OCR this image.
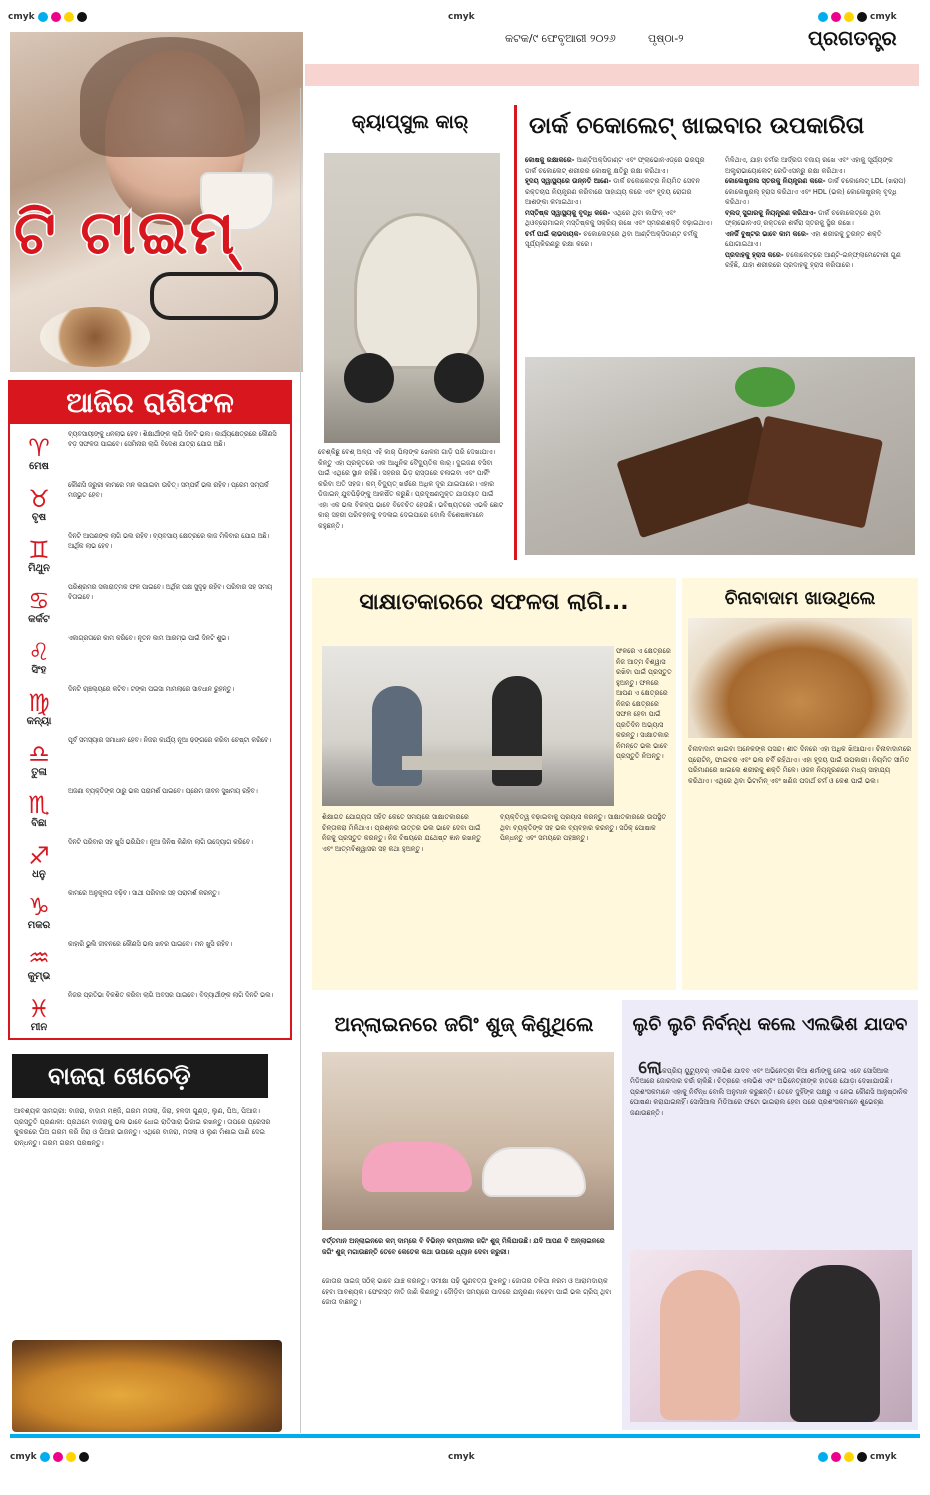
cmyk	cmyk	cmyk
କଟକ/୯ ଫେବୃଆରୀ ୨୦୨୬	ପୃଷ୍ଠା-୨	ପ୍ରଗତନ୍ତ୍ର
ଟି ଟାଇମ୍
ଆଜିର ରାଶିଫଳ
♈
ମେଷ
ବ୍ୟବସାୟୀଙ୍କୁ ଧନଲାଭ ହେବ। ଶିକ୍ଷାର୍ଥୀଙ୍କ ଲାଗି ଦିନଟି ଭଲ। କାର୍ଯ୍ୟକ୍ଷେତ୍ରରେ କୌଣସି ବଡ଼ ସଫଳତା ପାଇବେ। ସେମିନାର ଲାଗି ବିଦେଶ ଯାତ୍ରା ଯୋଗ ଅଛି।
♉
ବୃଷ
କୌଣସି ଜରୁରୀ କାମରେ ମନ ଲଗାଇବା ଉଚିତ୍। ସମ୍ପର୍କ ଭଲ ରହିବ। ପ୍ରେମ ସମ୍ପର୍କ ମଜଭୁତ ହେବ।
♊
ମିଥୁନ
ଦିନଟି ଆପଣଙ୍କ ଲାଗି ଭଲ ରହିବ। ବ୍ୟବସାୟ କ୍ଷେତ୍ରରେ କାଜ ମିଳିବାର ଯୋଗ ଅଛି। ଆର୍ଥିକ ଲାଭ ହେବ।
♋
କର୍କଟ
ପରିଶ୍ରମର ସକାରାତ୍ମକ ଫଳ ପାଇବେ। ଅର୍ଥିକ ପକ୍ଷ ସୁଦୃଢ଼ ରହିବ। ପରିବାର ସହ ସମୟ ବିତାଇବେ।
♌
ସିଂହ
ଏକାଗ୍ରତାରେ କାମ କରିବେ। ନୂତନ କାମ ଆରମ୍ଭ ପାଇଁ ଦିନଟି ଶୁଭ।
♍
କନ୍ୟା
ଦିନଟି ଚାଞ୍ଚଲ୍ୟରେ କଟିବ। ଟଙ୍କା ପଇସା ମାମଲାରେ ସାବଧାନ ରୁହନ୍ତୁ।
♎
ତୁଳା
ପୂର୍ବ ସମସ୍ୟାର ସମାଧାନ ହେବ। ନିଜର କାର୍ଯ୍ୟ ନୂଆ ଢଙ୍ଗରେ କରିବା ଚେଷ୍ଟା କରିବେ।
♏
ବିଛା
ଅଜଣା ବ୍ୟକ୍ତିଙ୍କ ଠାରୁ ଭଲ ପରାମର୍ଶ ପାଇବେ। ପ୍ରେମ ଜୀବନ ସୁଖମୟ ରହିବ।
♐
ଧନୁ
ଦିନଟି ପରିବାର ସହ ଖୁସି ଭରିଯିବ। ନୂଆ ଜିନିଷ କିଣିବା ଲାଗି ଉଦ୍ୟୋଗ କରିବେ।
♑
ମକର
କାମରେ ଅନୁକୂଳତା ବଢ଼ିବ। ସାଥୀ ପରିବାର ସହ ପରାମର୍ଶ କରନ୍ତୁ।
♒
କୁମ୍ଭ
କାହାରି ଭୁଲି ଜୀବନରେ କୌଣସି ଭଲ ଖବର ପାଇବେ। ମନ ଖୁସି ରହିବ।
♓
ମୀନ
ନିଜର ପ୍ରତିଭା ବିକଶିତ କରିବା ଲାଗି ଅବସର ପାଇବେ। ବିଦ୍ୟାର୍ଥୀଙ୍କ ଲାଗି ଦିନଟି ଭଲ।
ବାଜରା ଖେଚେଡ଼ି
ଆବଶ୍ୟକ ସାମଗ୍ରୀ: ବାଜରା, ବାଦାମ ମଞ୍ଜି, ଗରମ ମସଲା, ଜିରା, ହଳଦୀ ଗୁଣ୍ଡ, ଲୁଣ, ଘିଅ, ପିଆଜ।
ପ୍ରସ୍ତୁତି ପ୍ରଣାଳୀ: ପ୍ରଥମେ ବାଜରାକୁ ଭଲ ଭାବେ ଧୋଇ ରାତିସାରା ଭିଜାଇ ରଖନ୍ତୁ। ତାପରେ ପ୍ରେସର କୁକରରେ ଘିଅ ଗରମ କରି ଜିରା ଓ ପିଆଜ ଭାଜନ୍ତୁ। ଏଥିରେ ବାଜରା, ମସଲା ଓ ଲୁଣ ମିଶାଇ ପାଣି ଦେଇ ରାନ୍ଧନ୍ତୁ। ଗରମ ଗରମ ପରଷନ୍ତୁ।
କ୍ୟାପ୍‌ସୁଲ କାର୍
ବେଶ୍‌କିଛୁ ବେଶ୍ ଅଳ୍ପ ଏହି କାର୍ ପିଲାଙ୍କ ଖେଳନା ଗାଡ଼ି ପରି ଦେଖାଯାଏ। କିନ୍ତୁ ଏହା ପ୍ରକୃତରେ ଏକ ଆଧୁନିକ ବୈଦ୍ୟୁତିକ କାର୍। ଦୁଇଜଣ ବସିବା ପାଇଁ ଏଥିରେ ସ୍ଥାନ ରହିଛି। ସହରର ଭିଡ଼ ରାସ୍ତାରେ ଚଳାଇବା ଏବଂ ପାର୍କିଂ କରିବା ଅତି ସହଜ। କମ୍ ବିଦ୍ୟୁତ୍ ଖର୍ଚ୍ଚରେ ଅଧିକ ଦୂର ଯାଇପାରେ। ଏହାର ଡିଜାଇନ୍ ଯୁବପିଢ଼ିଙ୍କୁ ଆକର୍ଷିତ କରୁଛି। ପ୍ରଦୂଷଣମୁକ୍ତ ଯାତାୟାତ ପାଇଁ ଏହା ଏକ ଭଲ ବିକଳ୍ପ ଭାବେ ବିବେଚିତ ହେଉଛି। ଭବିଷ୍ୟତରେ ଏଭଳି ଛୋଟ କାର୍ ସହରୀ ପରିବହନକୁ ବଦଳାଇ ଦେଇପାରେ ବୋଲି ବିଶେଷଜ୍ଞମାନେ କହୁଛନ୍ତି।
ଡାର୍କ ଚକୋଲେଟ୍ ଖାଇବାର ଉପକାରିତା
କୋଷକୁ ରକ୍ଷାକରେ- ଆଣ୍ଟିଅକ୍ସିଡାଣ୍ଟ ଏବଂ ଫ୍ଲାଭୋନଏଡ୍‌ରେ ଭରପୂର ଡାର୍କ ଚକୋଲେଟ୍ ଶରୀରର କୋଷକୁ କ୍ଷତିରୁ ରକ୍ଷା କରିଥାଏ।
ହୃଦୟ ସ୍ୱାସ୍ଥ୍ୟରେ ଉନ୍ନତି ଆଣେ- ଡାର୍କ ଚକୋଲେଟ୍‌ର ନିୟମିତ ସେବନ ରକ୍ତଚାପ ନିୟନ୍ତ୍ରଣ କରିବାରେ ସାହାଯ୍ୟ କରେ ଏବଂ ହୃଦୟ ରୋଗର ଆଶଙ୍କା କମାଇଥାଏ।
ମସ୍ତିଷ୍କ ସ୍ୱାସ୍ଥ୍ୟକୁ ବୃଦ୍ଧି କରେ- ଏଥିରେ ଥିବା କାଫିନ୍ ଏବଂ ଥିଓବ୍ରୋମାଇନ୍ ମସ୍ତିଷ୍କକୁ ସକ୍ରିୟ ରଖେ ଏବଂ ସ୍ମରଣଶକ୍ତି ବଢ଼ାଇଥାଏ।
ଚର୍ମ ପାଇଁ ଲାଭଦାୟକ- ଚକୋଲେଟ୍‌ରେ ଥିବା ଆଣ୍ଟିଅକ୍ସିଡାଣ୍ଟ ଚର୍ମକୁ ସୂର୍ଯ୍ୟକିରଣରୁ ରକ୍ଷା କରେ।
ମିଳିଥାଏ, ଯାହା ଚର୍ମର ଆର୍ଦ୍ରତା ବଜାୟ ରଖେ ଏବଂ ଏହାକୁ ସୂର୍ଯ୍ୟଙ୍କ ଅଲ୍ଟ୍ରାଭାୟୋଲେଟ୍ ରେଡିଏସନ୍‌ରୁ ରକ୍ଷା କରିଥାଏ।
କୋଲେଷ୍ଟ୍ରଲ ସ୍ତରକୁ ନିୟନ୍ତ୍ରଣ କରେ- ଡାର୍କ ଚକୋଲେଟ୍ LDL (ଖରାପ) କୋଲେଷ୍ଟ୍ରଲ୍ ହ୍ରାସ କରିଥାଏ ଏବଂ HDL (ଭଲ) କୋଲେଷ୍ଟ୍ରଲ୍ ବୃଦ୍ଧି କରିଥାଏ।
ବ୍ଲଡ୍ ସୁଗାରକୁ ନିୟନ୍ତ୍ରଣ କରିଥାଏ- ଡାର୍କ ଚକୋଲେଟ୍‌ରେ ଥିବା ଫ୍ଲାଭୋନଏଡ୍ ରକ୍ତରେ ଶର୍କରା ସ୍ତରକୁ ସ୍ଥିର ରଖେ।
ଏନର୍ଜି ବୁଷ୍ଟର ଭାବେ କାମ କରେ- ଏହା ଶରୀରକୁ ତୁରନ୍ତ ଶକ୍ତି ଯୋଗାଇଥାଏ।
ପ୍ରଦାହକୁ ହ୍ରାସ କରେ- ଚକୋଲେଟ୍‌ରେ ଆଣ୍ଟି-ଇନ୍‌ଫ୍ଲାମେଟୋରୀ ଗୁଣ ରହିଛି, ଯାହା ଶରୀରରେ ପ୍ରଦାହକୁ ହ୍ରାସ କରିପାରେ।
ସାକ୍ଷାତକାରରେ ସଫଳତା ଲାଗି...
ଫଳରେ ଏ କ୍ଷେତ୍ରରେ ନିଜ ଆତ୍ମ ବିଶ୍ୱାସ ରଖିବା ପାଇଁ ପ୍ରସ୍ତୁତ ହୁଅନ୍ତୁ। ଫଳରେ ଆପଣ ଏ କ୍ଷେତ୍ରରେ ନିଜର କ୍ଷେତ୍ରରେ ସଫଳ ହେବା ପାଇଁ ପ୍ରତିଦିନ ଅଭ୍ୟାସ କରନ୍ତୁ। ସାକ୍ଷାତକାର ନିମନ୍ତେ ଭଲ ଭାବେ ପ୍ରସ୍ତୁତି ନିଅନ୍ତୁ।
ଶିକ୍ଷାଗତ ଯୋଗ୍ୟତା ସହିତ କେତେ ସମୟରେ ସାକ୍ଷାତକାରରେ ଚିନ୍ତାକରା ମିଳିଥାଏ। ପ୍ରଶ୍ନର ଉତ୍ତର ଭଲ ଭାବେ ଦେବା ପାଇଁ ନିଜକୁ ପ୍ରସ୍ତୁତ କରନ୍ତୁ। ନିଜ ବିଷୟରେ ଯଥେଷ୍ଟ ଜ୍ଞାନ ରଖନ୍ତୁ ଏବଂ ଆତ୍ମବିଶ୍ୱାସର ସହ କଥା ହୁଅନ୍ତୁ।
ବ୍ୟକ୍ତିତ୍ୱ ବଢ଼ାଇବାକୁ ପ୍ରୟାସ କରନ୍ତୁ। ସାକ୍ଷାତକାରରେ ଉପସ୍ଥିତ ଥିବା ବ୍ୟକ୍ତିଙ୍କ ସହ ଭଲ ବ୍ୟବହାର କରନ୍ତୁ। ସଠିକ୍ ପୋଷାକ ପିନ୍ଧନ୍ତୁ ଏବଂ ସମୟରେ ପହଞ୍ଚନ୍ତୁ।
ଚିନାବାଦାମ ଖାଉଥିଲେ
ଚିନାବାଦାମ ଖାଇବା ଅନେକଙ୍କ ପସନ୍ଦ। ଶୀତ ଦିନରେ ଏହା ଅଧିକ ଖିଆଯାଏ। ଚିନାବାଦାମରେ ପ୍ରୋଟିନ୍, ଫାଇବର ଏବଂ ଭଲ ଚର୍ବି ରହିଥାଏ। ଏହା ହୃଦୟ ପାଇଁ ଉପକାରୀ। ନିୟମିତ ସୀମିତ ପରିମାଣରେ ଖାଇଲେ ଶରୀରକୁ ଶକ୍ତି ମିଳେ। ଓଜନ ନିୟନ୍ତ୍ରଣରେ ମଧ୍ୟ ସାହାଯ୍ୟ କରିଥାଏ। ଏଥିରେ ଥିବା ଭିଟାମିନ୍ ଏବଂ ଖଣିଜ ପଦାର୍ଥ ଚର୍ମ ଓ କେଶ ପାଇଁ ଭଲ।
ଅନ୍‌ଲାଇନରେ ଜଗିଂ ଶୁଜ୍ କିଣୁଥିଲେ
ବର୍ତ୍ତମାନ ଅନ୍‌ଲାଇନରେ କମ୍ ଦାମ୍‌ରେ ବି ବିଭିନ୍ନ କମ୍ପାନୀର ଜଗିଂ ଶୁଜ୍ ମିଳିଯାଉଛି। ଯଦି ଆପଣ ବି ଅନ୍‌ଲାଇନରେ ଜଗିଂ ଶୁଜ୍ ମଗାଉଛନ୍ତି ତେବେ କେତେକ କଥା ଉପରେ ଧ୍ୟାନ ଦେବା ଜରୁରୀ।
ଜୋତାର ସାଇଜ୍ ସଠିକ୍ ଭାବେ ଯାଞ୍ଚ କରନ୍ତୁ। ସମୀକ୍ଷା ପଢ଼ି ଗୁଣବତ୍ତା ବୁଝନ୍ତୁ। ଜୋତାର ତଳିପା ନରମ ଓ ଆରାମଦାୟକ ହେବା ଆବଶ୍ୟକ। ଫେରସ୍ତ ନୀତି ଜାଣି କିଣନ୍ତୁ। ଦୌଡ଼ିବା ସମୟରେ ପାଦରେ ଯନ୍ତ୍ରଣା ନହେବା ପାଇଁ ଭଲ ଗ୍ରିପ୍ ଥିବା ଜୋତା ବାଛନ୍ତୁ।
ଲୁଚି ଲୁଚି ନିର୍ବନ୍ଧ କଲେ ଏଲଭିଶ ଯାଦବ

ଲୋକପ୍ରିୟ ୟୁଟ୍ୟୁବର୍ ଏଲଭିଶ ଯାଦବ ଏବଂ ଅଭିନେତ୍ରୀ କିଆ ଶର୍ମାଙ୍କୁ ନେଇ ଏବେ ସୋସିଆଲ ମିଡିଆରେ ଜୋରଦାର ଚର୍ଚ୍ଚା ଚାଲିଛି। ଚିତ୍ରରେ ଏଲଭିଶ ଏବଂ ଅଭିନେତ୍ରୀଙ୍କ ହାତରେ ଯୋଡ଼ା ଦେଖାଯାଉଛି। ପ୍ରଶଂସକମାନେ ଏହାକୁ ନିର୍ବନ୍ଧ ବୋଲି ଅନୁମାନ କରୁଛନ୍ତି। ତେବେ ଦୁହିଁଙ୍କ ପକ୍ଷରୁ ଏ ନେଇ କୌଣସି ଆନୁଷ୍ଠାନିକ ଘୋଷଣା କରାଯାଇନାହିଁ। ସୋସିଆଲ ମିଡିଆରେ ଫଟୋ ଭାଇରାଲ ହେବା ପରେ ପ୍ରଶଂସକମାନେ ଶୁଭେଚ୍ଛା ଜଣାଉଛନ୍ତି।

cmyk	cmyk	cmyk
